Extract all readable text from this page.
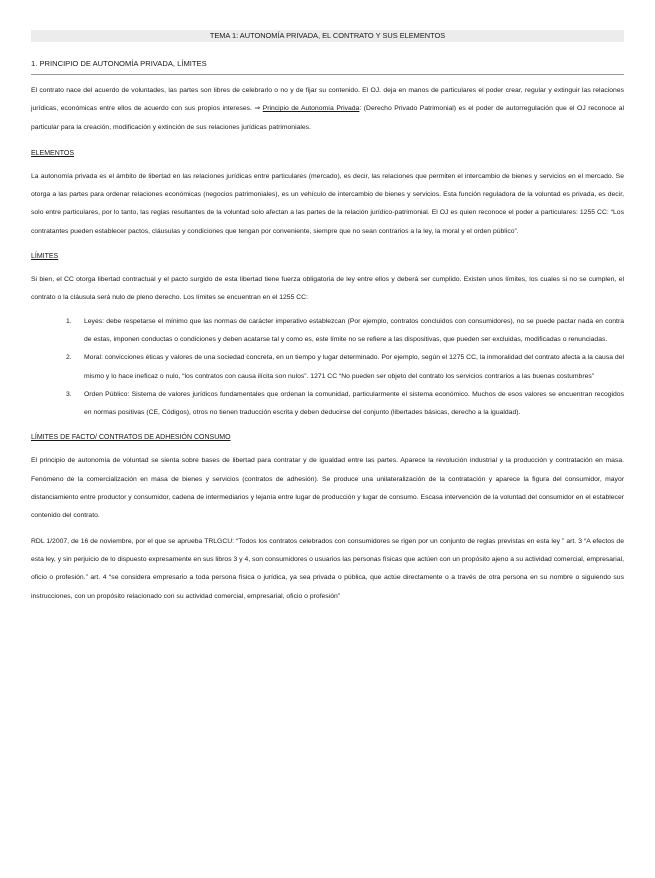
TEMA 1: AUTONOMÍA PRIVADA, EL CONTRATO Y SUS ELEMENTOS
1. PRINCIPIO DE AUTONOMÍA PRIVADA, LÍMITES

El contrato nace del acuerdo de voluntades, las partes son libres de celebrarlo o no y de fijar su contenido. El OJ. deja en manos de particulares el poder crear, regular y extinguir las relaciones jurídicas, económicas entre ellos de acuerdo con sus propios intereses. ⇒ Principio de Autonomía Privada: (Derecho Privado Patrimonial) es el poder de autorregulación que el OJ reconoce al particular para la creación, modificación y extinción de sus relaciones jurídicas patrimoniales.

ELEMENTOS

La autonomía privada es el ámbito de libertad en las relaciones jurídicas entre particulares (mercado), es decir, las relaciones que permiten el intercambio de bienes y servicios en el mercado. Se otorga a las partes para ordenar relaciones económicas (negocios patrimoniales), es un vehículo de intercambio de bienes y servicios. Esta función reguladora de la voluntad es privada, es decir, solo entre particulares, por lo tanto, las reglas resultantes de la voluntad solo afectan a las partes de la relación jurídico-patrimonial. El OJ es quien reconoce el poder a particulares: 1255 CC: “Los contratantes pueden establecer pactos, cláusulas y condiciones que tengan por conveniente, siempre que no sean contrarios a la ley, la moral y el orden público”.

LÍMITES

Si bien, el CC otorga libertad contractual y el pacto surgido de esta libertad tiene fuerza obligatoria de ley entre ellos y deberá ser cumplido. Existen unos límites, los cuales si no se cumplen, el contrato o la cláusula será nulo de pleno derecho. Los límites se encuentran en el 1255 CC:

1. Leyes: debe respetarse el mínimo que las normas de carácter imperativo establezcan (Por ejemplo, contratos concluidos con consumidores), no se puede pactar nada en contra de estas, imponen conductas o condiciones y deben acatarse tal y como es, este límite no se refiere a las dispositivas, que pueden ser excluidas, modificadas o renunciadas.
2. Moral: convicciones éticas y valores de una sociedad concreta, en un tiempo y lugar determinado. Por ejemplo, según el 1275 CC, la inmoralidad del contrato afecta a la causa del mismo y lo hace ineficaz o nulo, “los contratos con causa ilícita son nulos”. 1271 CC “No pueden ser objeto del contrato los servicios contrarios a las buenas costumbres”
3. Orden Público: Sistema de valores jurídicos fundamentales que ordenan la comunidad, particularmente el sistema económico. Muchos de esos valores se encuentran recogidos en normas positivas (CE, Códigos), otros no tienen traducción escrita y deben deducirse del conjunto (libertades básicas, derecho a la igualdad).
LÍMITES DE FACTO/ CONTRATOS DE ADHESIÓN CONSUMO

El principio de autonomía de voluntad se sienta sobre bases de libertad para contratar y de igualdad entre las partes. Aparece la revolución industrial y la producción y contratación en masa. Fenómeno de la comercialización en masa de bienes y servicios (contratos de adhesión). Se produce una unilateralización de la contratación y aparece la figura del consumidor, mayor distanciamiento entre productor y consumidor, cadena de intermediarios y lejanía entre lugar de producción y lugar de consumo. Escasa intervención de la voluntad del consumidor en el establecer contenido del contrato.

RDL 1/2007, de 16 de noviembre, por el que se aprueba TRLGCU: “Todos los contratos celebrados con consumidores se rigen por un conjunto de reglas previstas en esta ley ” art. 3 “A efectos de esta ley, y sin perjuicio de lo dispuesto expresamente en sus libros 3 y 4, son consumidores o usuarios las personas físicas que actúen con un propósito ajeno a su actividad comercial, empresarial, oficio o profesión.” art. 4 “se considera empresario a toda persona física o jurídica, ya sea privada o pública, que actúe directamente o a través de otra persona en su nombre o siguiendo sus instrucciones, con un propósito relacionado con su actividad comercial, empresarial, oficio o profesión”
